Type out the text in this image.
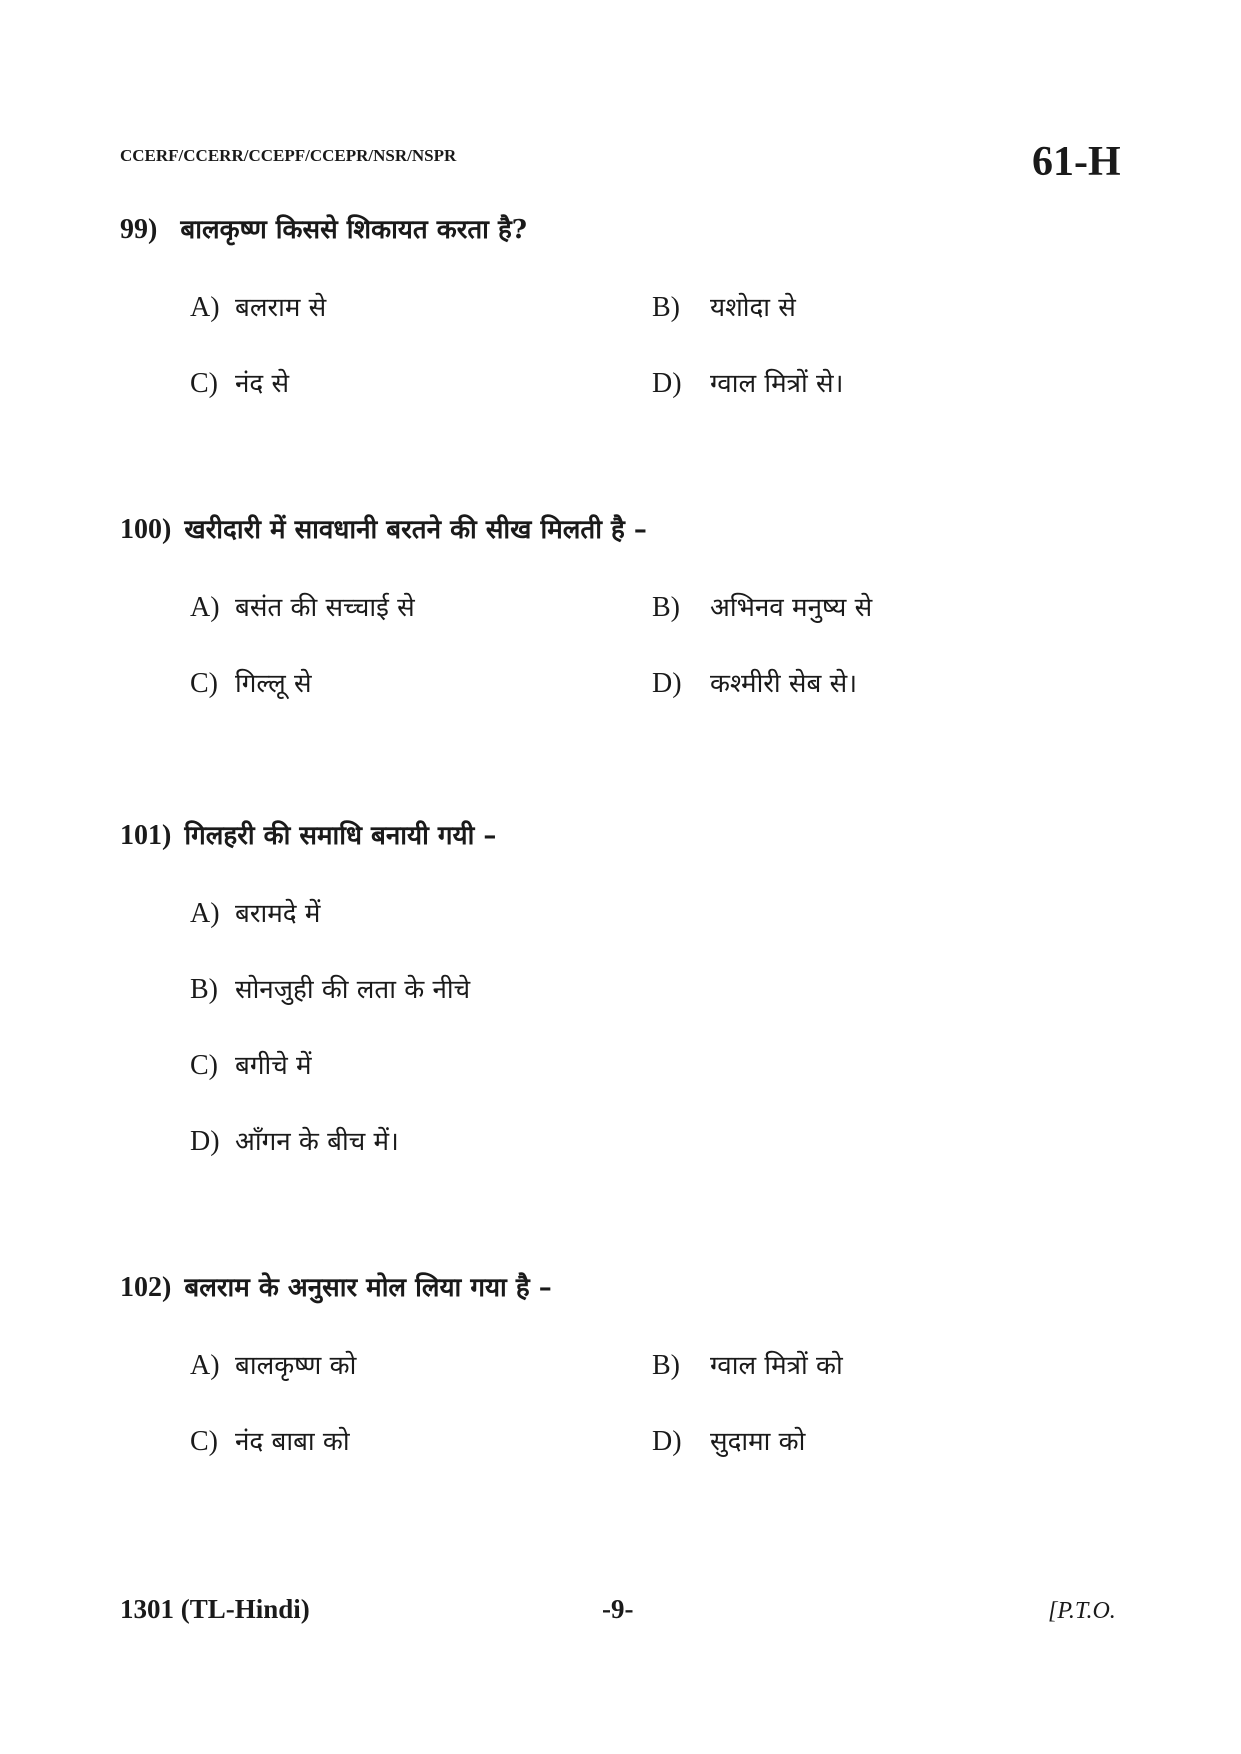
CCERF/CCERR/CCEPF/CCEPR/NSR/NSPR	61-H
99) बालकृष्ण किससे शिकायत करता है?
A) बलराम से	B) यशोदा से
C) नंद से	D) ग्वाल मित्रों से।
100) खरीदारी में सावधानी बरतने की सीख मिलती है –
A) बसंत की सच्चाई से	B) अभिनव मनुष्य से
C) गिल्लू से	D) कश्मीरी सेब से।
101) गिलहरी की समाधि बनायी गयी –
A) बरामदे में
B) सोनजुही की लता के नीचे
C) बगीचे में
D) आँगन के बीच में।
102) बलराम के अनुसार मोल लिया गया है –
A) बालकृष्ण को	B) ग्वाल मित्रों को
C) नंद बाबा को	D) सुदामा को
1301 (TL-Hindi)	-9-	[P.T.O.
